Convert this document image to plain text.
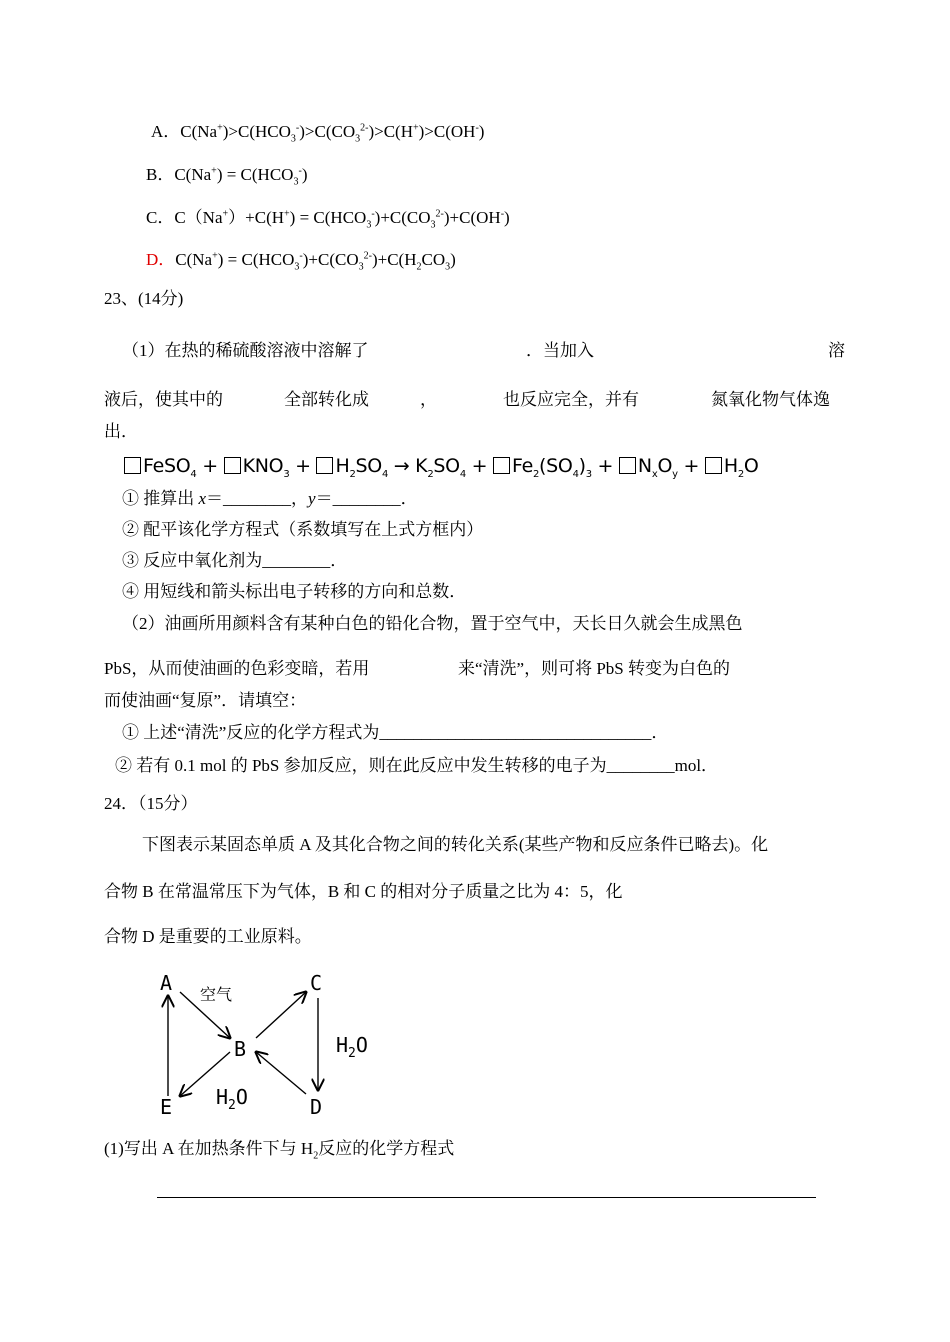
A．$C(Na^+)>C(HCO_3^-)>C(CO_3^{2-})>C(H^+)>C(OH^-)$
B．$C(Na^+) = C(HCO_3^-)$
C．$C(Na^+)+C(H^+) = C(HCO_3^-)+C(CO_3^{2-})+C(OH^-)$
D．$C(Na^+) = C(HCO_3^-)+C(CO_3^{2-})+C(H_2CO_3)$
23、(14分)
（1）在热的稀硫酸溶液中溶解了	．当加入	溶
液后，使其中的	全部转化成	，	也反应完全，并有	氮氧化物气体逸
出．
FeSO$_4$ + $KNO_3 + H_2SO_4 \to K_2SO_4 + Fe_2(SO_4)_3 + N_xO_y + H_2O$
① 推算出 x＝________，y＝________．
② 配平该化学方程式（系数填写在上式方框内）
③ 反应中氧化剂为________．
④ 用短线和箭头标出电子转移的方向和总数．
（2）油画所用颜料含有某种白色的铅化合物，置于空气中，天长日久就会生成黑色
PbS，从而使油画的色彩变暗，若用	来“清洗”，则可将 PbS 转变为白色的
而使油画“复原”．请填空：
① 上述“清洗”反应的化学方程式为________________________________．
② 若有 0.1 mol 的 PbS 参加反应，则在此反应中发生转移的电子为________mol．
24．（15分）
下图表示某固态单质 A 及其化合物之间的转化关系(某些产物和反应条件已略去)。化
合物 B 在常温常压下为气体，B 和 C 的相对分子质量之比为 4：5，化
合物 D 是重要的工业原料。
A
B
C
D
E
空气
$H_2O$
$H_2O$
(1)写出 A 在加热条件下与 $H_2$反应的化学方程式
